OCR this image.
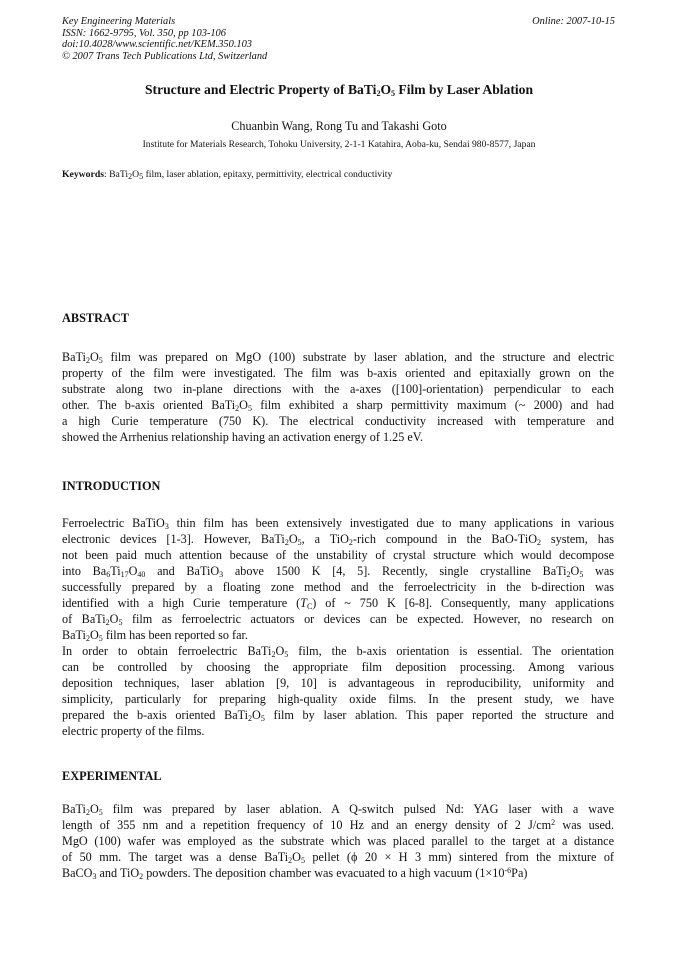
Key Engineering Materials
ISSN: 1662-9795, Vol. 350, pp 103-106
doi:10.4028/www.scientific.net/KEM.350.103
© 2007 Trans Tech Publications Ltd, Switzerland
Online: 2007-10-15
Structure and Electric Property of $BaTi_2O_5$ Film by Laser Ablation
Chuanbin Wang, Rong Tu and Takashi Goto
Institute for Materials Research, Tohoku University, 2-1-1 Katahira, Aoba-ku, Sendai 980-8577, Japan
Keywords: $BaTi_2O_5$ film, laser ablation, epitaxy, permittivity, electrical conductivity
ABSTRACT
$BaTi_2O_5$ film was prepared on MgO (100) substrate by laser ablation, and the structure and electric
property of the film were investigated. The film was b-axis oriented and epitaxially grown on the
substrate along two in-plane directions with the a-axes ([100]-orientation) perpendicular to each
other. The b-axis oriented $BaTi_2O_5$ film exhibited a sharp permittivity maximum (~ 2000) and had
a high Curie temperature (750 K). The electrical conductivity increased with temperature and
showed the Arrhenius relationship having an activation energy of 1.25 eV.
INTRODUCTION
Ferroelectric BaTiO$_3$ thin film has been extensively investigated due to many applications in various
electronic devices [1-3]. However, $BaTi_2O_5$, a TiO$_2$-rich compound in the BaO-TiO$_2$ system, has
not been paid much attention because of the unstability of crystal structure which would decompose
into $Ba_6Ti_{17}O_{40}$ and BaTiO$_3$ above 1500 K [4, 5]. Recently, single crystalline $BaTi_2O_5$ was
successfully prepared by a floating zone method and the ferroelectricity in the b-direction was
identified with a high Curie temperature $(T_C)$ of ~ 750 K [6-8]. Consequently, many applications
of $BaTi_2O_5$ film as ferroelectric actuators or devices can be expected. However, no research on
$BaTi_2O_5$ film has been reported so far.
In order to obtain ferroelectric $BaTi_2O_5$ film, the b-axis orientation is essential. The orientation
can be controlled by choosing the appropriate film deposition processing. Among various
deposition techniques, laser ablation [9, 10] is advantageous in reproducibility, uniformity and
simplicity, particularly for preparing high-quality oxide films. In the present study, we have
prepared the b-axis oriented $BaTi_2O_5$ film by laser ablation. This paper reported the structure and
electric property of the films.
EXPERIMENTAL
$BaTi_2O_5$ film was prepared by laser ablation. A Q-switch pulsed Nd: YAG laser with a wave
length of 355 nm and a repetition frequency of 10 Hz and an energy density of 2 $J/cm^2$ was used.
MgO (100) wafer was employed as the substrate which was placed parallel to the target at a distance
of 50 mm. The target was a dense $BaTi_2O_5$ pellet (ϕ 20 × H 3 mm) sintered from the mixture of
BaCO$_3$ and TiO$_2$ powders. The deposition chamber was evacuated to a high vacuum $(1\times 10^{-6}Pa)$
